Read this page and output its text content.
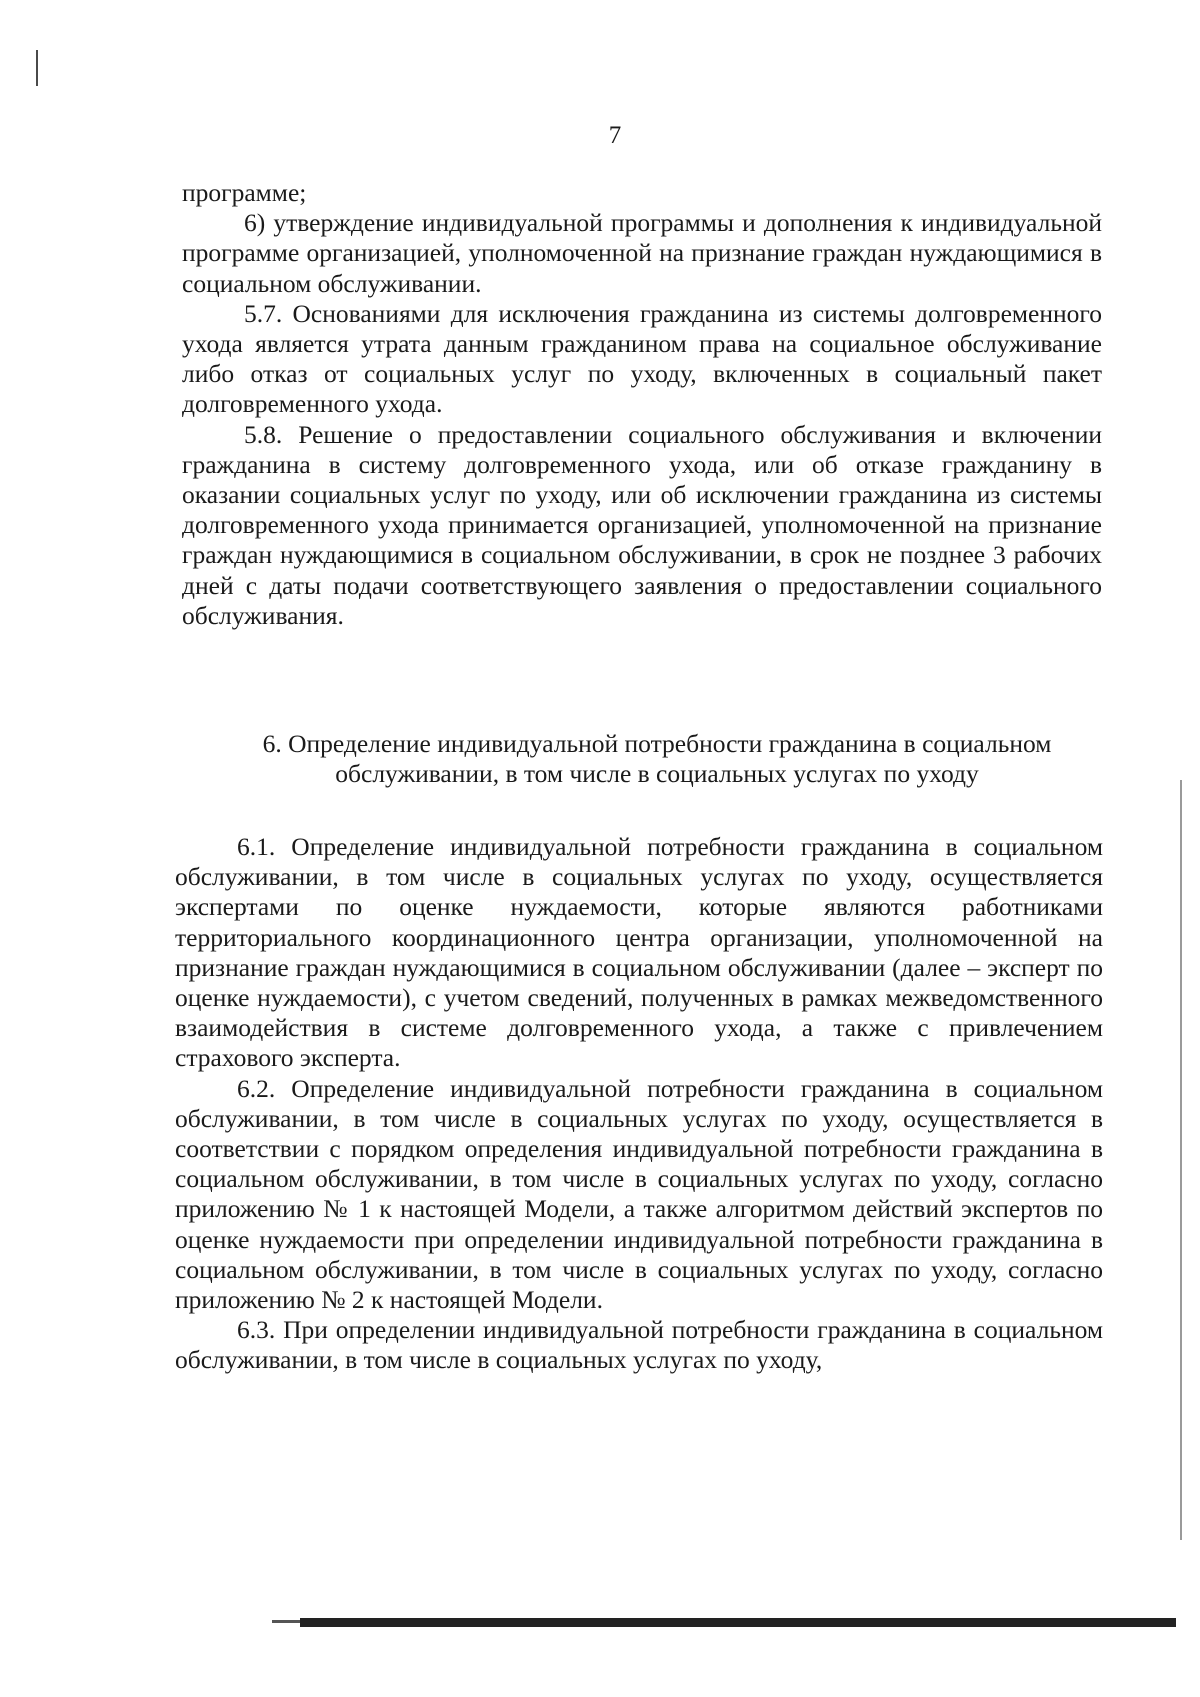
7

программе;

6) утверждение индивидуальной программы и дополнения к индивидуальной программе организацией, уполномоченной на признание граждан нуждающимися в социальном обслуживании.

5.7. Основаниями для исключения гражданина из системы долговременного ухода является утрата данным гражданином права на социальное обслуживание либо отказ от социальных услуг по уходу, включенных в социальный пакет долговременного ухода.

5.8. Решение о предоставлении социального обслуживания и включении гражданина в систему долговременного ухода, или об отказе гражданину в оказании социальных услуг по уходу, или об исключении гражданина из системы долговременного ухода принимается организацией, уполномоченной на признание граждан нуждающимися в социальном обслуживании, в срок не позднее 3 рабочих дней с даты подачи соответствующего заявления о предоставлении социального обслуживания.

6. Определение индивидуальной потребности гражданина в социальном
обслуживании, в том числе в социальных услугах по уходу

6.1. Определение индивидуальной потребности гражданина в социальном обслуживании, в том числе в социальных услугах по уходу, осуществляется экспертами по оценке нуждаемости, которые являются работниками территориального координационного центра организации, уполномоченной на признание граждан нуждающимися в социальном обслуживании (далее – эксперт по оценке нуждаемости), с учетом сведений, полученных в рамках межведомственного взаимодействия в системе долговременного ухода, а также с привлечением страхового эксперта.

6.2. Определение индивидуальной потребности гражданина в социальном обслуживании, в том числе в социальных услугах по уходу, осуществляется в соответствии с порядком определения индивидуальной потребности гражданина в социальном обслуживании, в том числе в социальных услугах по уходу, согласно приложению № 1 к настоящей Модели, а также алгоритмом действий экспертов по оценке нуждаемости при определении индивидуальной потребности гражданина в социальном обслуживании, в том числе в социальных услугах по уходу, согласно приложению № 2 к настоящей Модели.

6.3. При определении индивидуальной потребности гражданина в социальном обслуживании, в том числе в социальных услугах по уходу,
